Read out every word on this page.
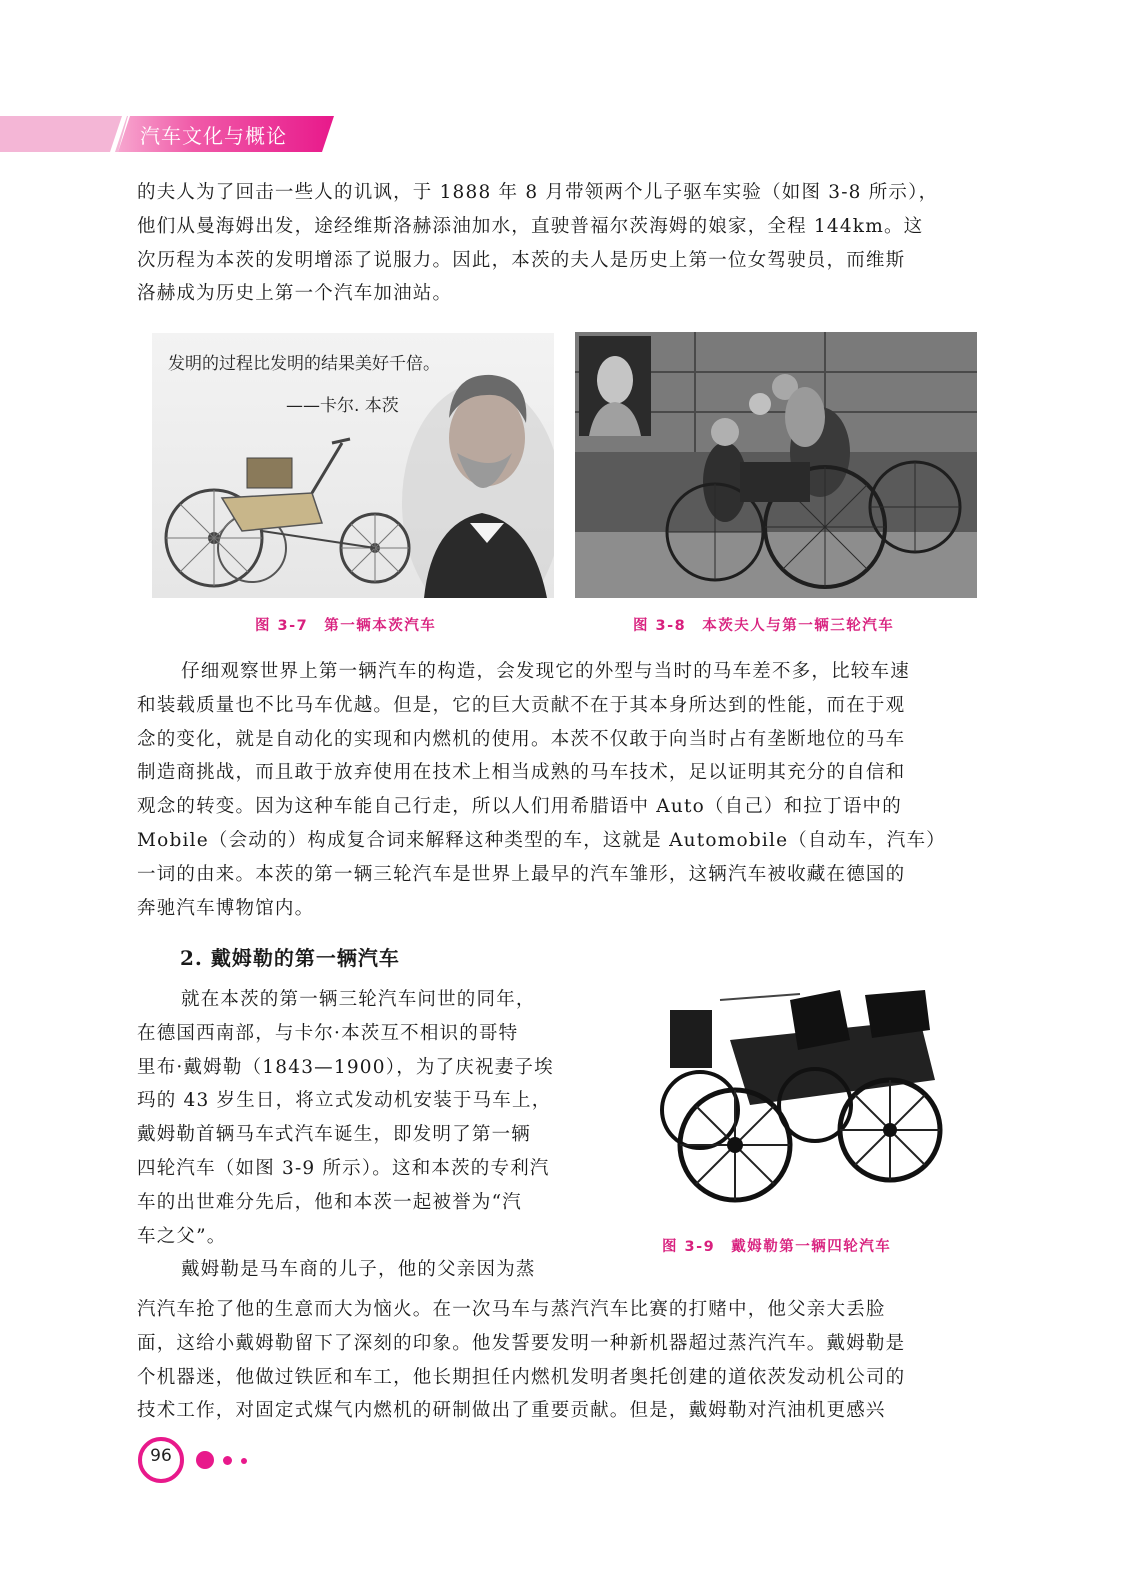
汽车文化与概论
的夫人为了回击一些人的讥讽，于 1888 年 8 月带领两个儿子驱车实验（如图 3-8 所示），
他们从曼海姆出发，途经维斯洛赫添油加水，直驶普福尔茨海姆的娘家，全程 144km。这
次历程为本茨的发明增添了说服力。因此，本茨的夫人是历史上第一位女驾驶员，而维斯
洛赫成为历史上第一个汽车加油站。
发明的过程比发明的结果美好千倍。
——卡尔. 本茨
图 3-7　第一辆本茨汽车	图 3-8　本茨夫人与第一辆三轮汽车
仔细观察世界上第一辆汽车的构造，会发现它的外型与当时的马车差不多，比较车速
和装载质量也不比马车优越。但是，它的巨大贡献不在于其本身所达到的性能，而在于观
念的变化，就是自动化的实现和内燃机的使用。本茨不仅敢于向当时占有垄断地位的马车
制造商挑战，而且敢于放弃使用在技术上相当成熟的马车技术，足以证明其充分的自信和
观念的转变。因为这种车能自己行走，所以人们用希腊语中 Auto（自己）和拉丁语中的
Mobile（会动的）构成复合词来解释这种类型的车，这就是 Automobile（自动车，汽车）
一词的由来。本茨的第一辆三轮汽车是世界上最早的汽车雏形，这辆汽车被收藏在德国的
奔驰汽车博物馆内。
2. 戴姆勒的第一辆汽车
就在本茨的第一辆三轮汽车问世的同年，
在德国西南部，与卡尔·本茨互不相识的哥特
里布·戴姆勒（1843—1900），为了庆祝妻子埃
玛的 43 岁生日，将立式发动机安装于马车上，
戴姆勒首辆马车式汽车诞生，即发明了第一辆
四轮汽车（如图 3-9 所示）。这和本茨的专利汽
车的出世难分先后，他和本茨一起被誉为“汽
车之父”。
戴姆勒是马车商的儿子，他的父亲因为蒸
图 3-9　戴姆勒第一辆四轮汽车
汽汽车抢了他的生意而大为恼火。在一次马车与蒸汽汽车比赛的打赌中，他父亲大丢脸
面，这给小戴姆勒留下了深刻的印象。他发誓要发明一种新机器超过蒸汽汽车。戴姆勒是
个机器迷，他做过铁匠和车工，他长期担任内燃机发明者奥托创建的道依茨发动机公司的
技术工作，对固定式煤气内燃机的研制做出了重要贡献。但是，戴姆勒对汽油机更感兴
96
